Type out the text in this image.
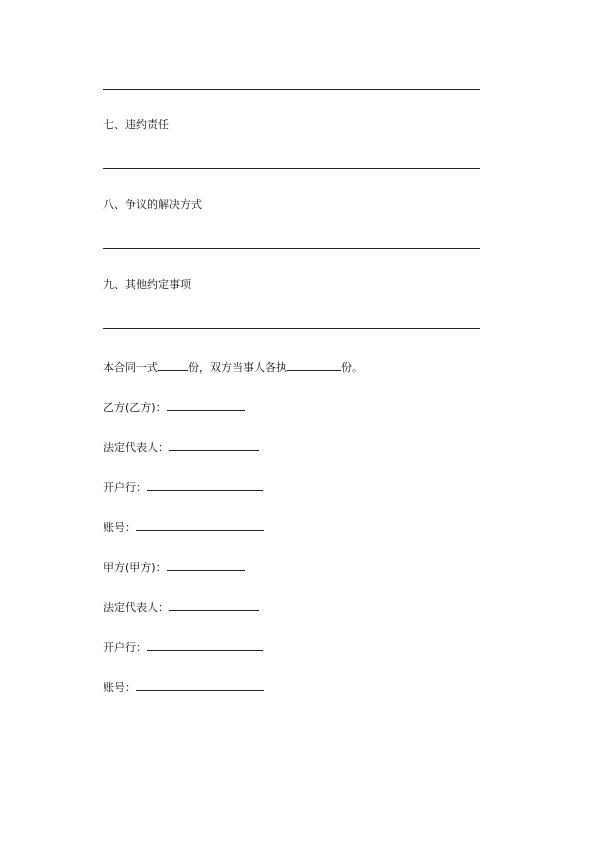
七、违约责任
八、争议的解决方式
九、其他约定事项
本合同一式	份，双方当事人各执	份。
乙方(乙方)：
法定代表人：
开户行：
账号：
甲方(甲方)：
法定代表人：
开户行：
账号：
